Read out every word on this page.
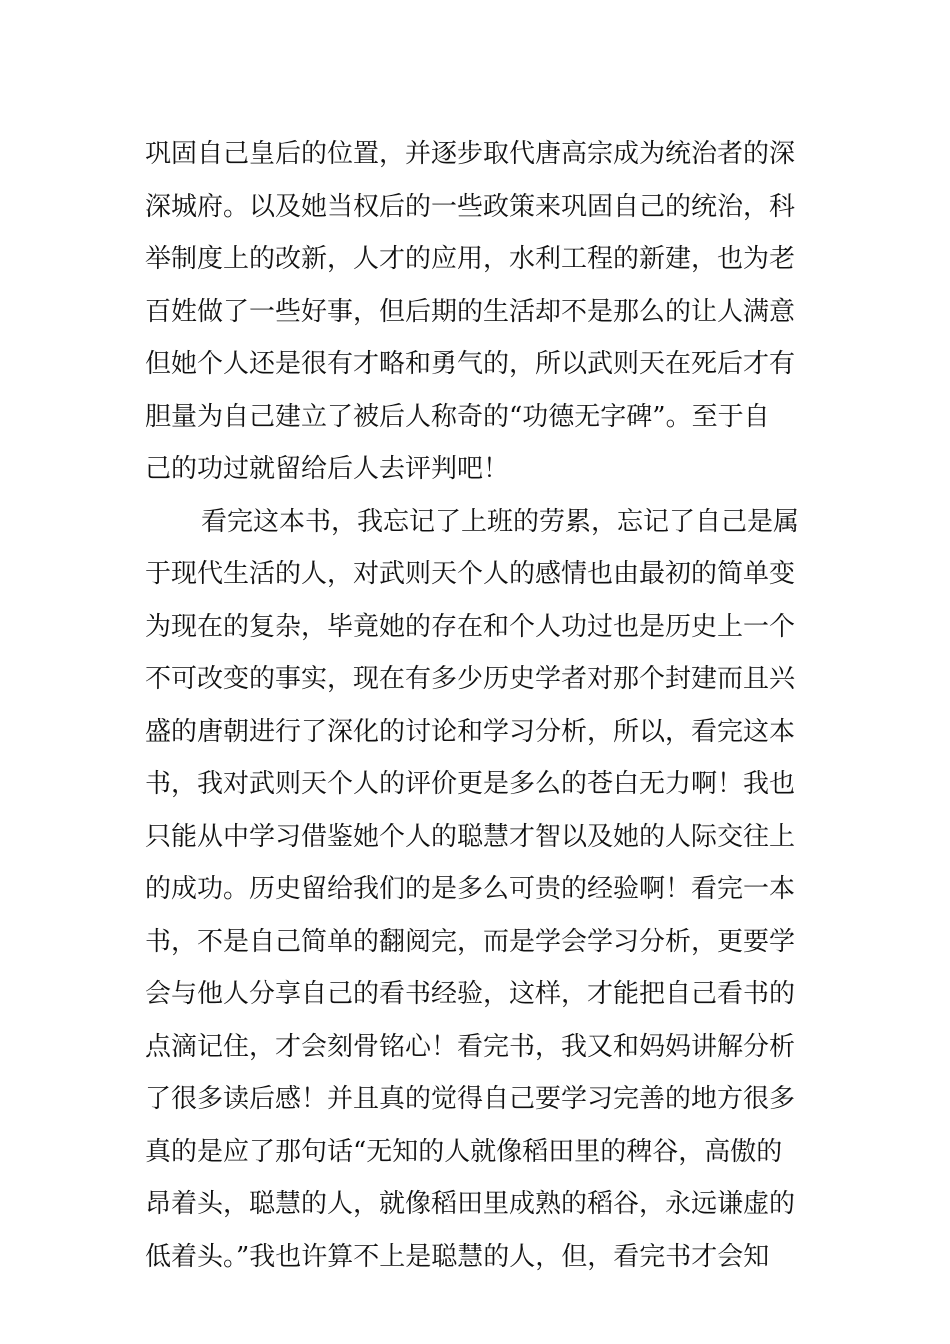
巩固自己皇后的位置，并逐步取代唐高宗成为统治者的深
深城府。以及她当权后的一些政策来巩固自己的统治，科
举制度上的改新，人才的应用，水利工程的新建，也为老
百姓做了一些好事，但后期的生活却不是那么的让人满意
但她个人还是很有才略和勇气的，所以武则天在死后才有
胆量为自己建立了被后人称奇的“功德无字碑”。至于自
己的功过就留给后人去评判吧！
看完这本书，我忘记了上班的劳累，忘记了自己是属
于现代生活的人，对武则天个人的感情也由最初的简单变
为现在的复杂，毕竟她的存在和个人功过也是历史上一个
不可改变的事实，现在有多少历史学者对那个封建而且兴
盛的唐朝进行了深化的讨论和学习分析，所以，看完这本
书，我对武则天个人的评价更是多么的苍白无力啊！我也
只能从中学习借鉴她个人的聪慧才智以及她的人际交往上
的成功。历史留给我们的是多么可贵的经验啊！看完一本
书，不是自己简单的翻阅完，而是学会学习分析，更要学
会与他人分享自己的看书经验，这样，才能把自己看书的
点滴记住，才会刻骨铭心！看完书，我又和妈妈讲解分析
了很多读后感！并且真的觉得自己要学习完善的地方很多
真的是应了那句话“无知的人就像稻田里的稗谷，高傲的
昂着头，聪慧的人，就像稻田里成熟的稻谷，永远谦虚的
低着头。”我也许算不上是聪慧的人，但，看完书才会知
